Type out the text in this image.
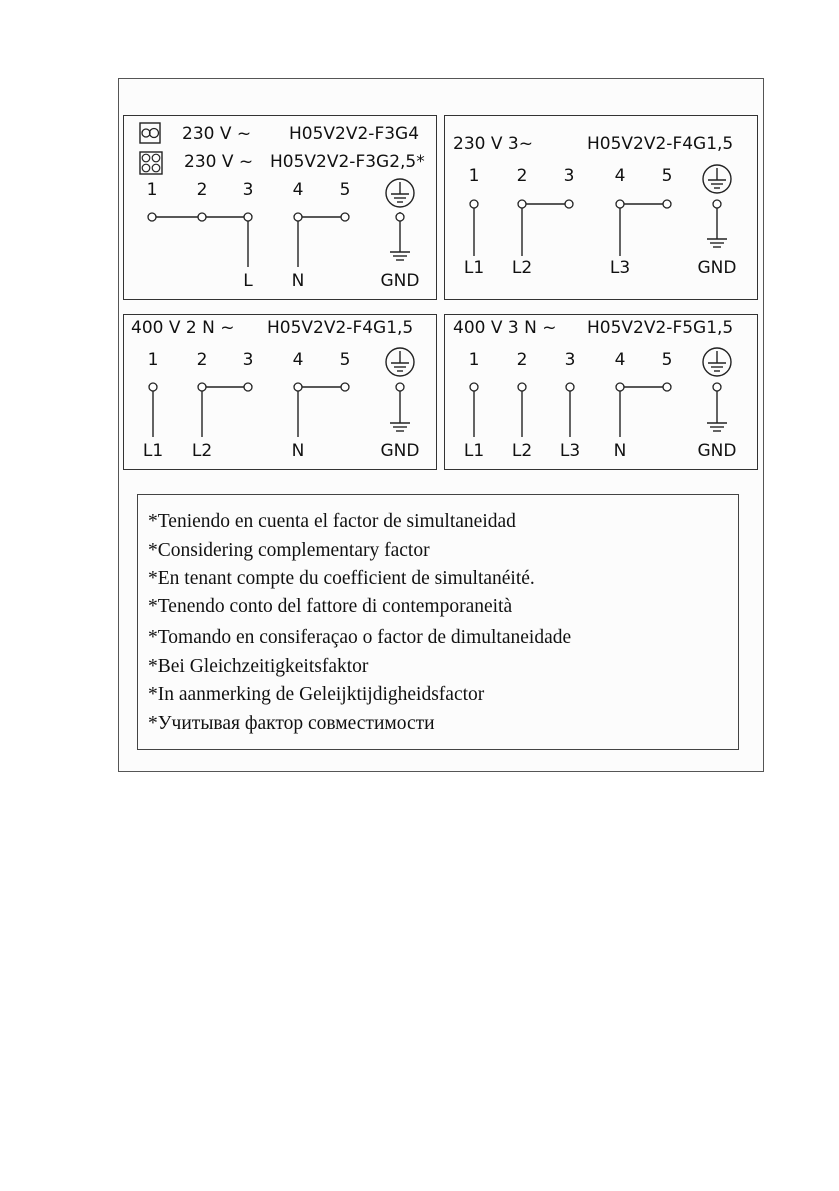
230 V ~ H05V2V2-F3G4
230 V ~ H05V2V2-F3G2,5*
1 2 3 4 5
L	N	GND
230 V 3~	H05V2V2-F4G1,5
1 2 3 4 5
L1	L2	L3	GND
400 V 2 N ~ H05V2V2-F4G1,5
1 2 3 4 5
L1	L2	N	GND
400 V 3 N ~ H05V2V2-F5G1,5
1 2 3 4 5
L1	L2	L3	N	GND
*Teniendo en cuenta el factor de simultaneidad
*Considering complementary factor
*En tenant compte du coefficient de simultanéité.
*Tenendo conto del fattore di contemporaneità
*Tomando en consiferaçao o factor de dimultaneidade
*Bei Gleichzeitigkeitsfaktor
*In aanmerking de Geleijktijdigheidsfactor
*Учитывая фактор совместимости
